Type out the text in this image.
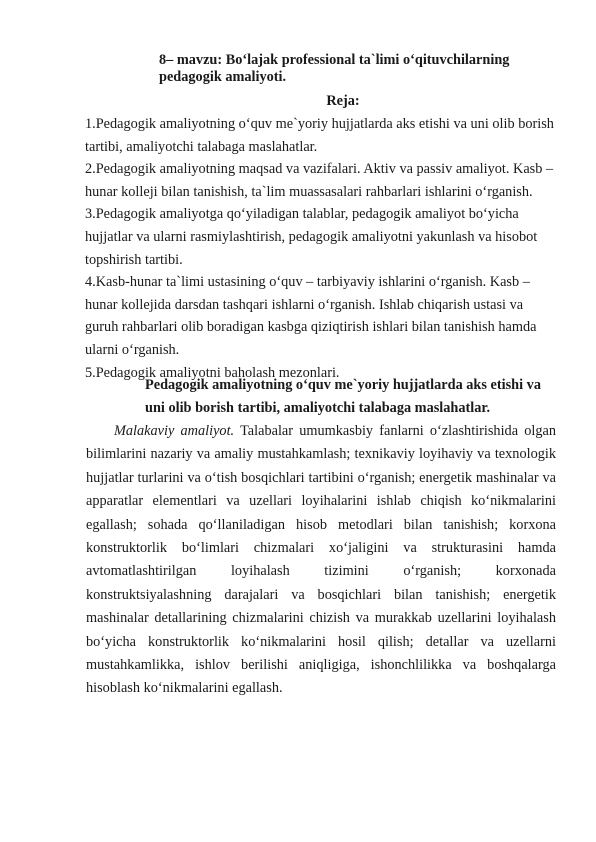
8– mavzu: Bo‘lajak professional ta`limi o‘qituvchilarning
pedagogik amaliyoti.
Reja:

1.Pedagogik amaliyotning o‘quv me`yoriy hujjatlarda aks etishi va uni olib borish tartibi, amaliyotchi talabaga maslahatlar.

2.Pedagogik amaliyotning maqsad va vazifalari. Aktiv va passiv amaliyot. Kasb – hunar kolleji bilan tanishish, ta`lim muassasalari rahbarlari ishlarini o‘rganish.

3.Pedagogik amaliyotga qo‘yiladigan talablar, pedagogik amaliyot bo‘yicha hujjatlar va ularni rasmiylashtirish, pedagogik amaliyotni yakunlash va hisobot topshirish tartibi.

4.Kasb-hunar ta`limi ustasining o‘quv – tarbiyaviy ishlarini o‘rganish. Kasb – hunar kollejida darsdan tashqari ishlarni o‘rganish. Ishlab chiqarish ustasi va guruh rahbarlari olib boradigan kasbga qiziqtirish ishlari bilan tanishish hamda ularni o‘rganish.

5.Pedagogik amaliyotni baholash mezonlari.

Pedagogik amaliyotning o‘quv me`yoriy hujjatlarda aks etishi va
uni olib borish tartibi, amaliyotchi talabaga maslahatlar.

Malakaviy amaliyot. Talabalar umumkasbiy fanlarni o‘zlashtirishida olgan bilimlarini nazariy va amaliy mustahkamlash; texnikaviy loyihaviy va texnologik hujjatlar turlarini va o‘tish bosqichlari tartibini o‘rganish; energetik mashinalar va apparatlar elementlari va uzellari loyihalarini ishlab chiqish ko‘nikmalarini egallash; sohada qo‘llaniladigan hisob metodlari bilan tanishish; korxona konstruktorlik bo‘limlari chizmalari xo‘jaligini va strukturasini hamda avtomatlashtirilgan loyihalash tizimini o‘rganish; korxonada konstruktsiyalashning darajalari va bosqichlari bilan tanishish; energetik mashinalar detallarining chizmalarini chizish va murakkab uzellarini loyihalash bo‘yicha konstruktorlik ko‘nikmalarini hosil qilish; detallar va uzellarni mustahkamlikka, ishlov berilishi aniqligiga, ishonchlilikka va boshqalarga hisoblash ko‘nikmalarini egallash.
